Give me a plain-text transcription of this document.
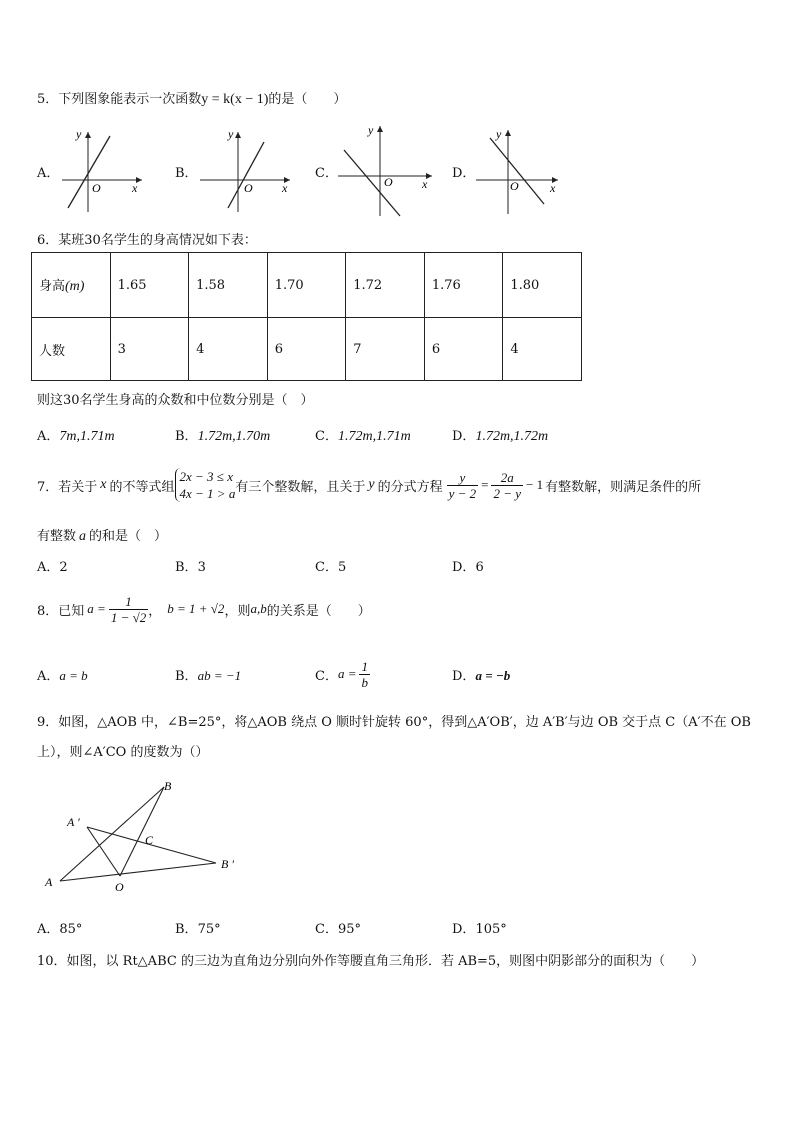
5．下列图象能表示一次函数y = k(x − 1)的是（　　）
A．
y
x
O
B．
y
x
O
C．
y
x
O
D．
y
x
O
6．某班30名学生的身高情况如下表：
身高(m)	1.65	1.58	1.70	1.72	1.76	1.80
人数	3	4	6	7	6	4
则这30名学生身高的众数和中位数分别是（　）
A．7m,1.71m	B．1.72m,1.70m	C．1.72m,1.71m	D．1.72m,1.72m
7．若关于 x 的不等式组
2x − 3 ≤ x
4x − 1 > a 有三个整数解，且关于 y 的分式方程 $\frac{y}{y - 2} = \frac{2a}{2 - y} - 1$ 有整数解，则满足条件的所
有整数 a 的和是（　）
A．2	B．3	C．5	D．6
8．已知 $a = \frac{1}{1 - √2}$ ， b = 1 + √2 ，则 a,b 的关系是（　　）
A．a = b	B．ab = −1	C． $a = \frac{1}{b}$	D．a = −b
9．如图，△AOB 中，∠B=25°，将△AOB 绕点 O 顺时针旋转 60°，得到△A′OB′，边 A′B′与边 OB 交于点 C（A′不在 OB
上），则∠A′CO 的度数为（）
B
A ′
C
B ′
A	O
A．85°	B．75°	C．95°	D．105°
10．如图，以 Rt△ABC 的三边为直角边分别向外作等腰直角三角形．若 AB=5，则图中阴影部分的面积为（　　）
